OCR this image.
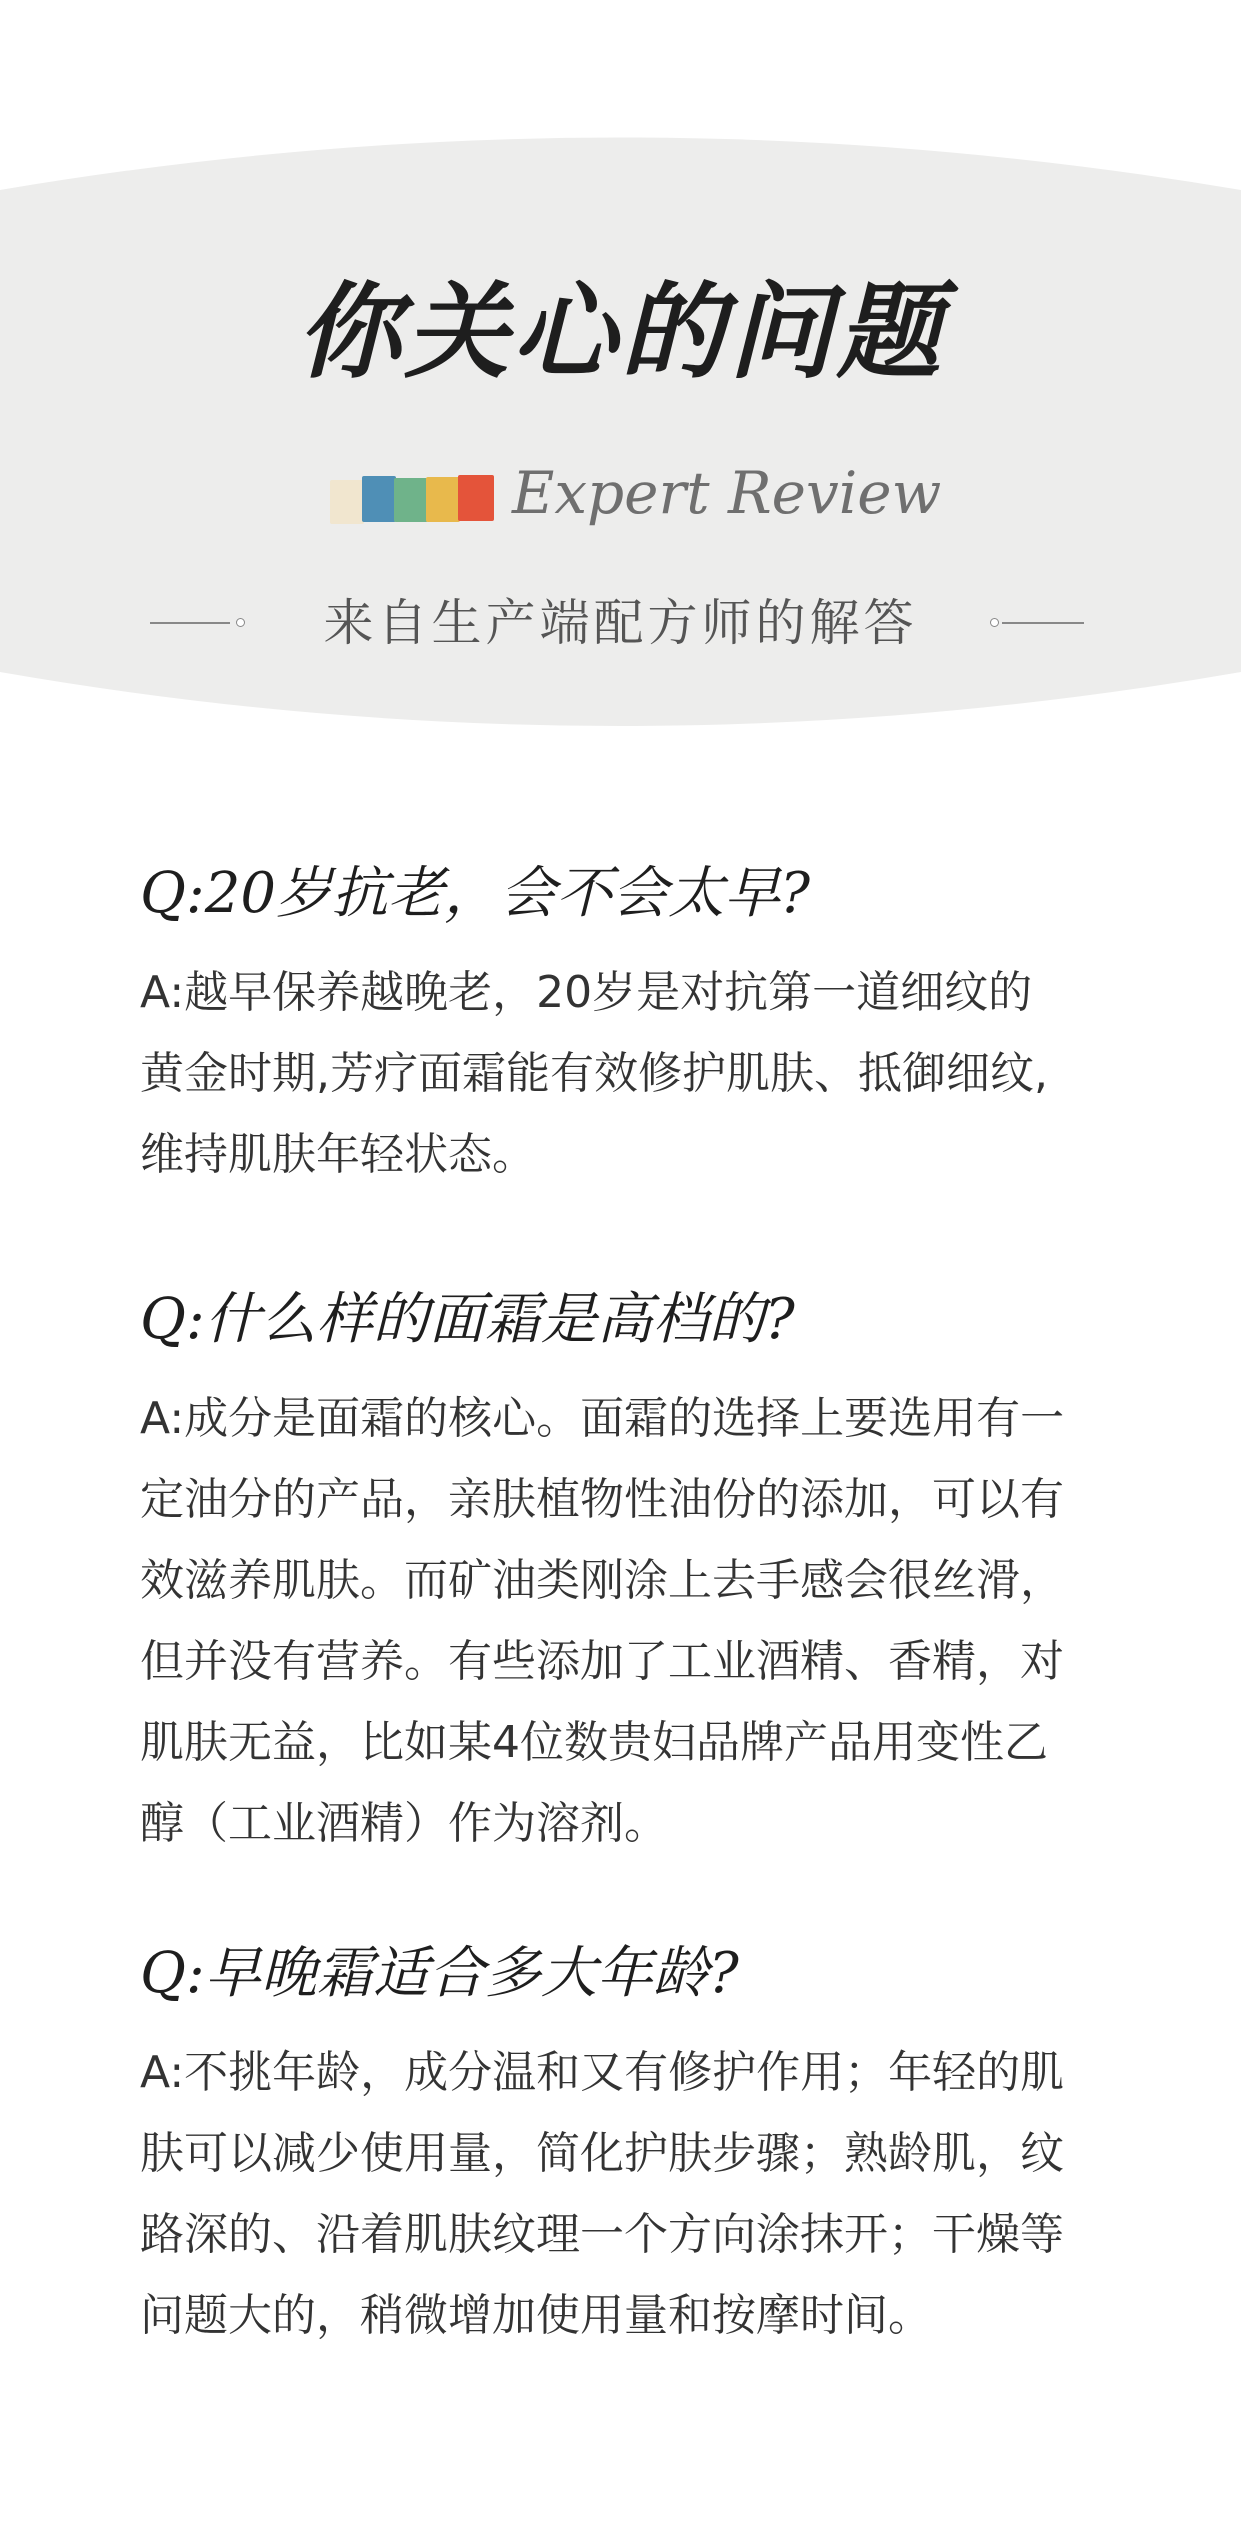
你关心的问题
Expert Review
来自生产端配方师的解答

Q:20岁抗老，会不会太早?

A:越早保养越晚老，20岁是对抗第一道细纹的
黄金时期,芳疗面霜能有效修护肌肤、抵御细纹,
维持肌肤年轻状态。

Q:什么样的面霜是高档的?

A:成分是面霜的核心。面霜的选择上要选用有一
定油分的产品，亲肤植物性油份的添加，可以有
效滋养肌肤。而矿油类刚涂上去手感会很丝滑，
但并没有营养。有些添加了工业酒精、香精，对
肌肤无益，比如某4位数贵妇品牌产品用变性乙
醇（工业酒精）作为溶剂。

Q:早晚霜适合多大年龄?

A:不挑年龄，成分温和又有修护作用；年轻的肌
肤可以减少使用量，简化护肤步骤；熟龄肌，纹
路深的、沿着肌肤纹理一个方向涂抹开；干燥等
问题大的，稍微增加使用量和按摩时间。
